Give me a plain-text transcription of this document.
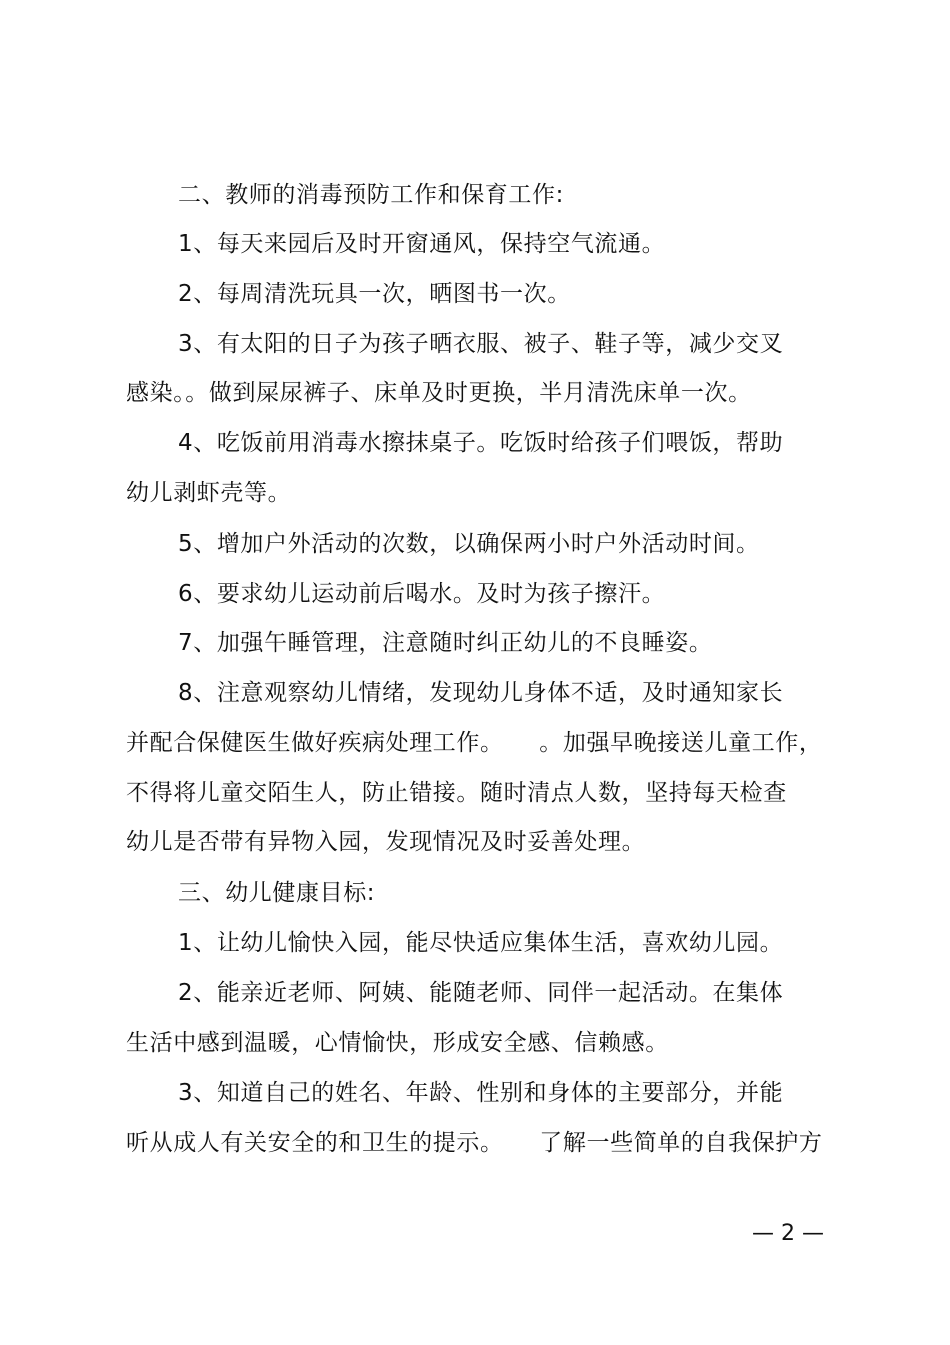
二、教师的消毒预防工作和保育工作:
1、每天来园后及时开窗通风，保持空气流通。
2、每周清洗玩具一次，晒图书一次。
3、有太阳的日子为孩子晒衣服、被子、鞋子等，减少交叉
感染。。做到屎尿裤子、床单及时更换，半月清洗床单一次。
4、吃饭前用消毒水擦抹桌子。吃饭时给孩子们喂饭，帮助
幼儿剥虾壳等。
5、增加户外活动的次数，以确保两小时户外活动时间。
6、要求幼儿运动前后喝水。及时为孩子擦汗。
7、加强午睡管理，注意随时纠正幼儿的不良睡姿。
8、注意观察幼儿情绪，发现幼儿身体不适，及时通知家长
并配合保健医生做好疾病处理工作。　　。加强早晚接送儿童工作，
不得将儿童交陌生人，防止错接。随时清点人数，坚持每天检查
幼儿是否带有异物入园，发现情况及时妥善处理。
三、幼儿健康目标:
1、让幼儿愉快入园，能尽快适应集体生活，喜欢幼儿园。
2、能亲近老师、阿姨、能随老师、同伴一起活动。在集体
生活中感到温暖，心情愉快，形成安全感、信赖感。
3、知道自己的姓名、年龄、性别和身体的主要部分，并能
听从成人有关安全的和卫生的提示。　　了解一些简单的自我保护方
— 2 —
